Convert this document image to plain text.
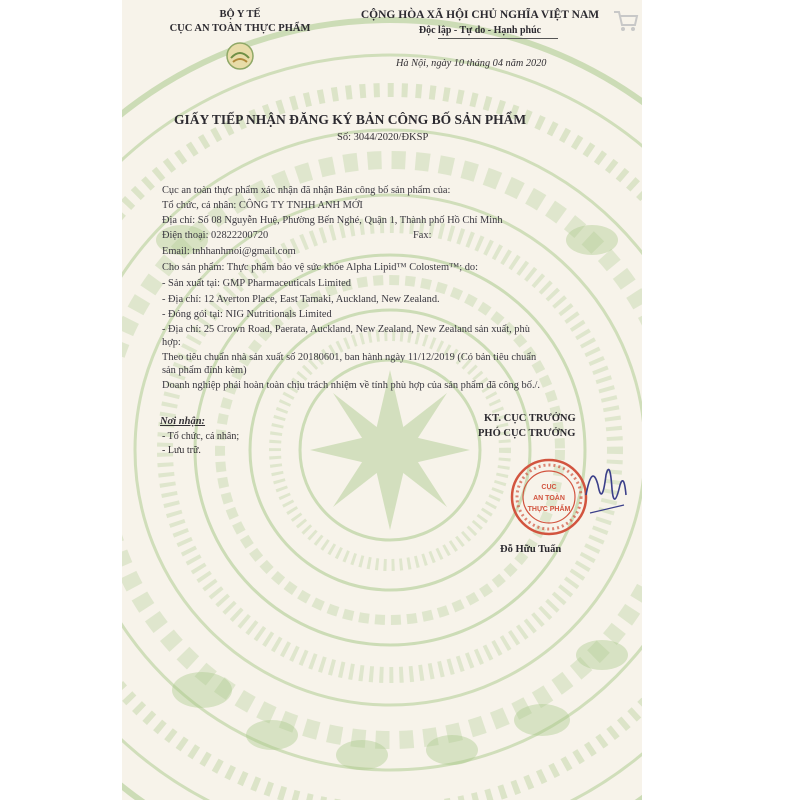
BỘ Y TẾ
CỤC AN TOÀN THỰC PHẨM
CỘNG HÒA XÃ HỘI CHỦ NGHĨA VIỆT NAM
Độc lập - Tự do - Hạnh phúc
Hà Nội, ngày 10 tháng 04 năm 2020
GIẤY TIẾP NHẬN ĐĂNG KÝ BẢN CÔNG BỐ SẢN PHẨM
Số: 3044/2020/ĐKSP
Cục an toàn thực phẩm xác nhận đã nhận Bản công bố sản phẩm của:
Tổ chức, cá nhân: CÔNG TY TNHH ANH MỚI
Địa chỉ: Số 08 Nguyễn Huệ, Phường Bến Nghé, Quận 1, Thành phố Hồ Chí Minh
Điện thoại: 02822200720	Fax:
Email: tnhhanhmoi@gmail.com
Cho sản phẩm: Thực phẩm bảo vệ sức khỏe Alpha Lipid™ Colostem™; do:
- Sản xuất tại: GMP Pharmaceuticals Limited
- Địa chỉ: 12 Averton Place, East Tamaki, Auckland, New Zealand.
- Đóng gói tại: NIG Nutritionals Limited
- Địa chỉ: 25 Crown Road, Paerata, Auckland, New Zealand, New Zealand sản xuất, phù
hợp:
Theo tiêu chuẩn nhà sản xuất số 20180601, ban hành ngày 11/12/2019 (Có bản tiêu chuẩn
sản phẩm đính kèm)
Doanh nghiệp phải hoàn toàn chịu trách nhiệm về tính phù hợp của sản phẩm đã công bố./.
Nơi nhận:
- Tổ chức, cá nhân;
- Lưu trữ.
KT. CỤC TRƯỞNG
PHÓ CỤC TRƯỞNG
CỤC
AN TOÀN
THỰC PHẨM
Đỗ Hữu Tuấn
